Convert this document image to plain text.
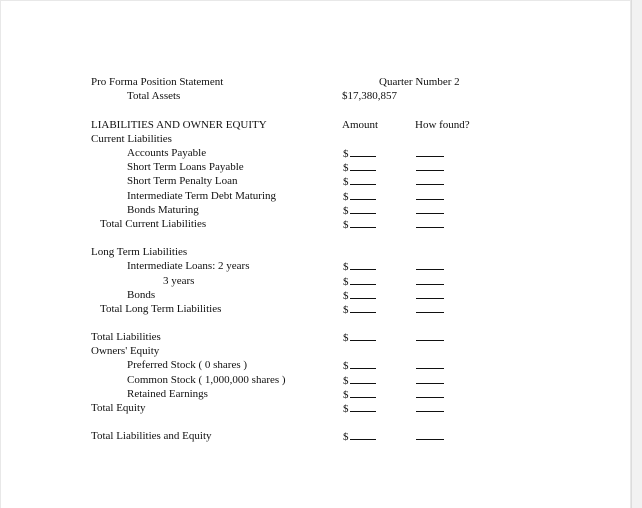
Pro Forma Position Statement	Quarter Number 2
Total Assets	$17,380,857
LIABILITIES AND OWNER EQUITY	Amount	How found?
Current Liabilities
Accounts Payable	$
Short Term Loans Payable	$
Short Term Penalty Loan	$
Intermediate Term Debt Maturing	$
Bonds Maturing	$
Total Current Liabilities	$
Long Term Liabilities
Intermediate Loans: 2 years	$
3 years	$
Bonds	$
Total Long Term Liabilities	$
Total Liabilities	$
Owners' Equity
Preferred Stock ( 0 shares )	$
Common Stock ( 1,000,000 shares )	$
Retained Earnings	$
Total Equity	$
Total Liabilities and Equity	$
